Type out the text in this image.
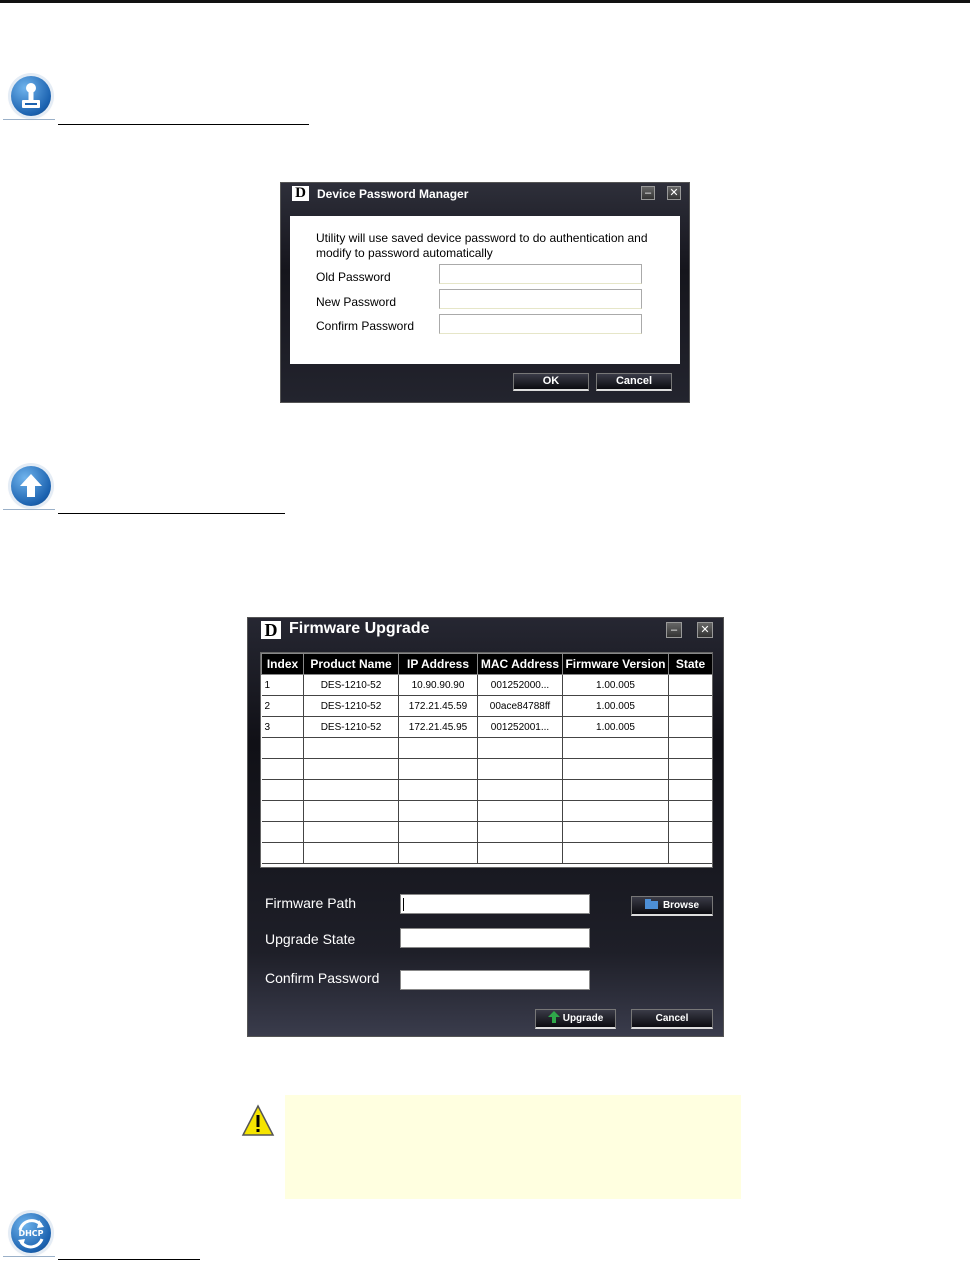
D Device Password Manager	–	✕
Utility will use saved device password to do authentication and modify to password automatically
Old Password
New Password
Confirm Password
OK	Cancel
D Firmware Upgrade	–	✕
Index	Product Name	IP Address	MAC Address	Firmware Version	State
1	DES-1210-52	10.90.90.90	001252000...	1.00.005	
2	DES-1210-52	172.21.45.59	00ace84788ff	1.00.005	
3	DES-1210-52	172.21.45.95	001252001...	1.00.005	

Firmware Path	Browse
Upgrade State
Confirm Password
Upgrade	Cancel
DHCP
